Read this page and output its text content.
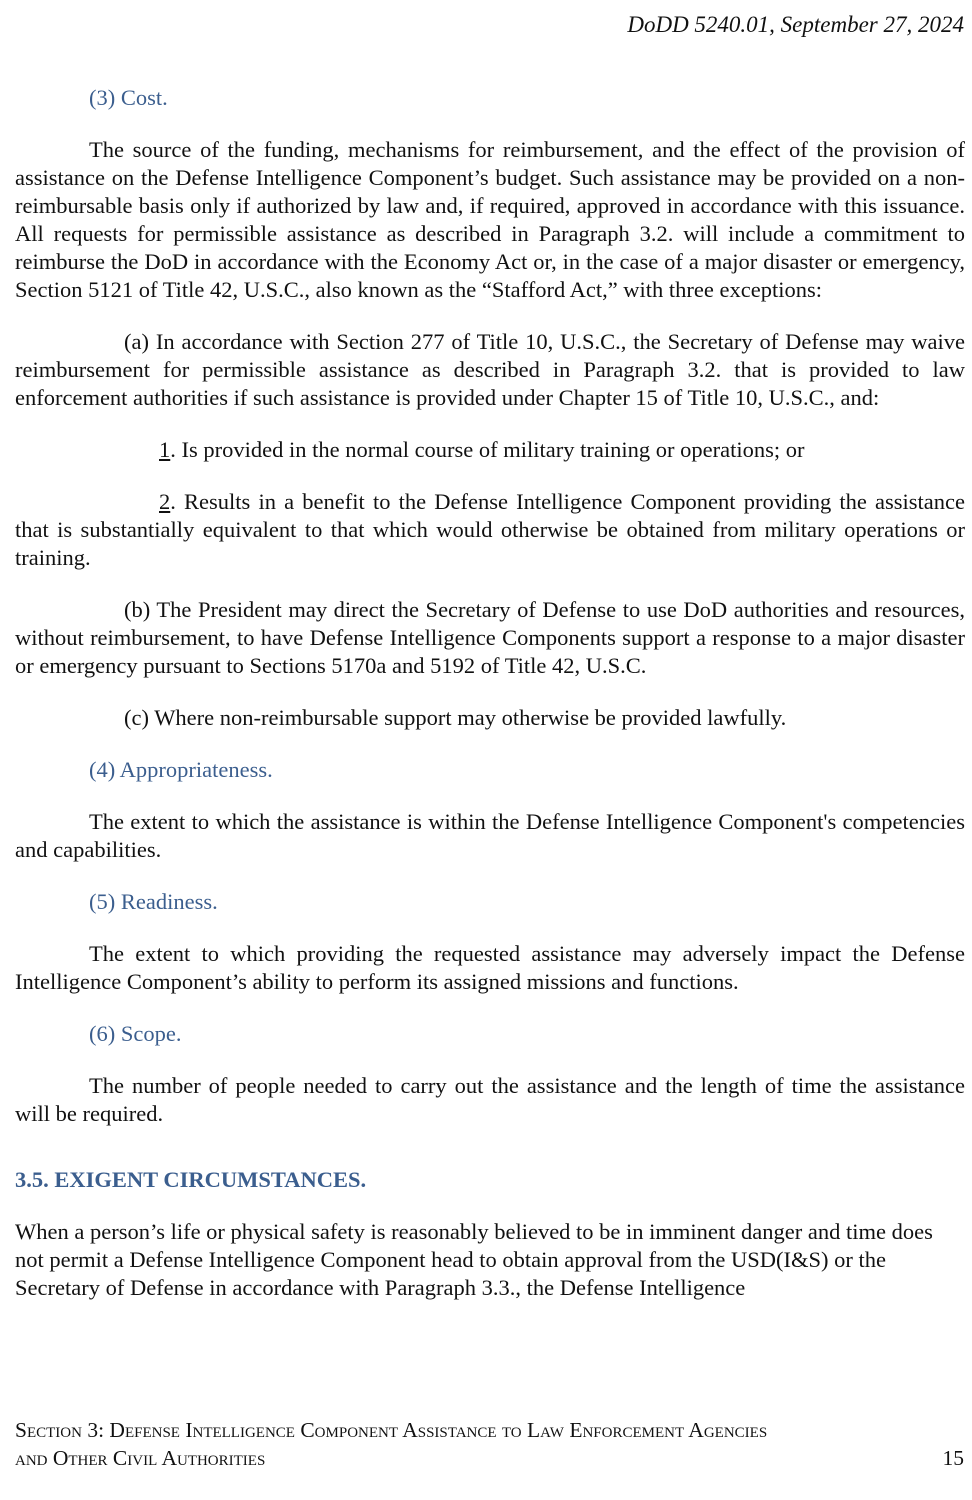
DoDD 5240.01, September 27, 2024
(3) Cost.
The source of the funding, mechanisms for reimbursement, and the effect of the provision of assistance on the Defense Intelligence Component’s budget. Such assistance may be provided on a non-reimbursable basis only if authorized by law and, if required, approved in accordance with this issuance. All requests for permissible assistance as described in Paragraph 3.2. will include a commitment to reimburse the DoD in accordance with the Economy Act or, in the case of a major disaster or emergency, Section 5121 of Title 42, U.S.C., also known as the “Stafford Act,” with three exceptions:
(a) In accordance with Section 277 of Title 10, U.S.C., the Secretary of Defense may waive reimbursement for permissible assistance as described in Paragraph 3.2. that is provided to law enforcement authorities if such assistance is provided under Chapter 15 of Title 10, U.S.C., and:
1. Is provided in the normal course of military training or operations; or
2. Results in a benefit to the Defense Intelligence Component providing the assistance that is substantially equivalent to that which would otherwise be obtained from military operations or training.
(b) The President may direct the Secretary of Defense to use DoD authorities and resources, without reimbursement, to have Defense Intelligence Components support a response to a major disaster or emergency pursuant to Sections 5170a and 5192 of Title 42, U.S.C.
(c) Where non-reimbursable support may otherwise be provided lawfully.
(4) Appropriateness.
The extent to which the assistance is within the Defense Intelligence Component's competencies and capabilities.
(5) Readiness.
The extent to which providing the requested assistance may adversely impact the Defense Intelligence Component’s ability to perform its assigned missions and functions.
(6) Scope.
The number of people needed to carry out the assistance and the length of time the assistance will be required.
3.5. EXIGENT CIRCUMSTANCES.
When a person’s life or physical safety is reasonably believed to be in imminent danger and time does not permit a Defense Intelligence Component head to obtain approval from the USD(I&S) or the Secretary of Defense in accordance with Paragraph 3.3., the Defense Intelligence
Section 3: Defense Intelligence Component Assistance to Law Enforcement Agencies
and Other Civil Authorities	15
